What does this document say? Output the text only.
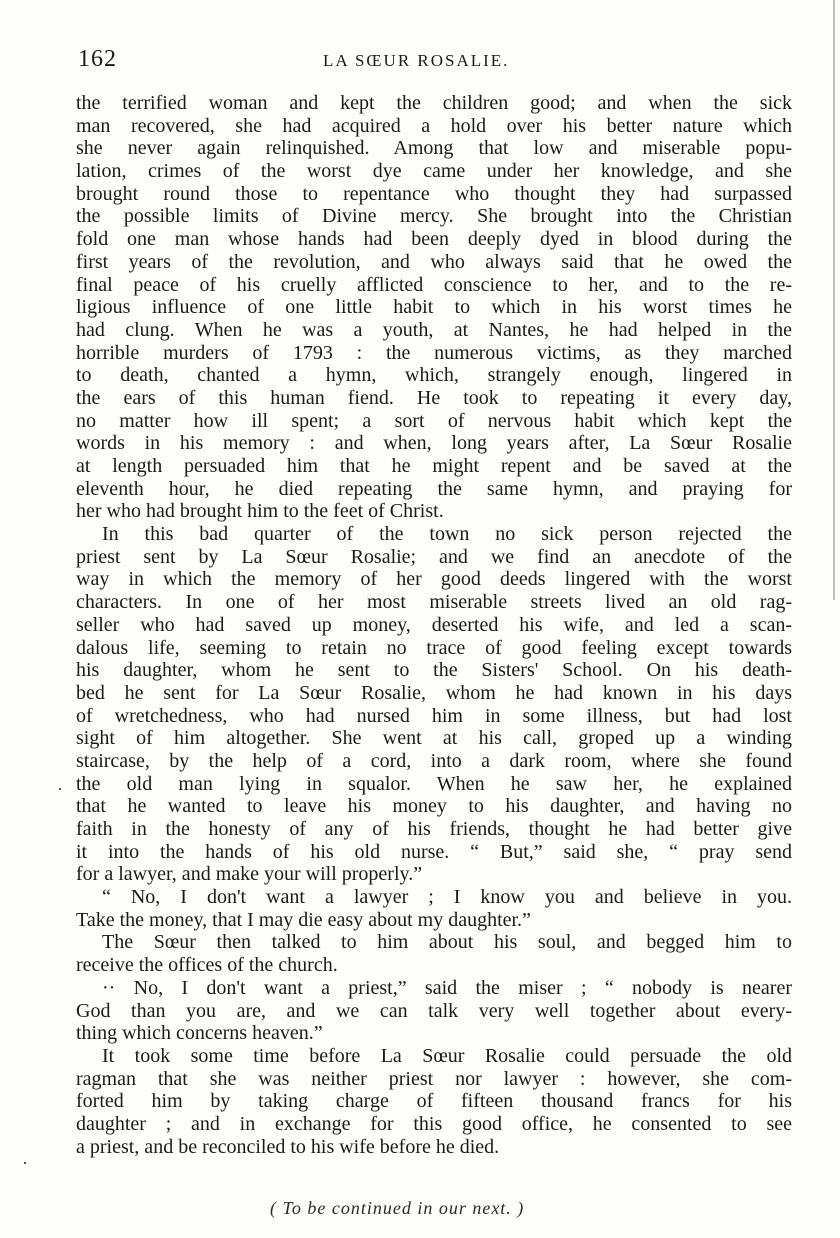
162	LA SŒUR ROSALIE.
the terrified woman and kept the children good; and when the sick
man recovered, she had acquired a hold over his better nature which
she never again relinquished. Among that low and miserable popu-
lation, crimes of the worst dye came under her knowledge, and she
brought round those to repentance who thought they had surpassed
the possible limits of Divine mercy. She brought into the Christian
fold one man whose hands had been deeply dyed in blood during the
first years of the revolution, and who always said that he owed the
final peace of his cruelly afflicted conscience to her, and to the re-
ligious influence of one little habit to which in his worst times he
had clung. When he was a youth, at Nantes, he had helped in the
horrible murders of 1793 : the numerous victims, as they marched
to death, chanted a hymn, which, strangely enough, lingered in
the ears of this human fiend. He took to repeating it every day,
no matter how ill spent; a sort of nervous habit which kept the
words in his memory : and when, long years after, La Sœur Rosalie
at length persuaded him that he might repent and be saved at the
eleventh hour, he died repeating the same hymn, and praying for
her who had brought him to the feet of Christ.
In this bad quarter of the town no sick person rejected the
priest sent by La Sœur Rosalie; and we find an anecdote of the
way in which the memory of her good deeds lingered with the worst
characters. In one of her most miserable streets lived an old rag-
seller who had saved up money, deserted his wife, and led a scan-
dalous life, seeming to retain no trace of good feeling except towards
his daughter, whom he sent to the Sisters' School. On his death-
bed he sent for La Sœur Rosalie, whom he had known in his days
of wretchedness, who had nursed him in some illness, but had lost
sight of him altogether. She went at his call, groped up a winding
staircase, by the help of a cord, into a dark room, where she found
the old man lying in squalor. When he saw her, he explained
that he wanted to leave his money to his daughter, and having no
faith in the honesty of any of his friends, thought he had better give
it into the hands of his old nurse. “ But,” said she, “ pray send
for a lawyer, and make your will properly.”
“ No, I don't want a lawyer ; I know you and believe in you.
Take the money, that I may die easy about my daughter.”
The Sœur then talked to him about his soul, and begged him to
receive the offices of the church.
·· No, I don't want a priest,” said the miser ; “ nobody is nearer
God than you are, and we can talk very well together about every-
thing which concerns heaven.”
It took some time before La Sœur Rosalie could persuade the old
ragman that she was neither priest nor lawyer : however, she com-
forted him by taking charge of fifteen thousand francs for his
daughter ; and in exchange for this good office, he consented to see
a priest, and be reconciled to his wife before he died.
( To be continued in our next. )
